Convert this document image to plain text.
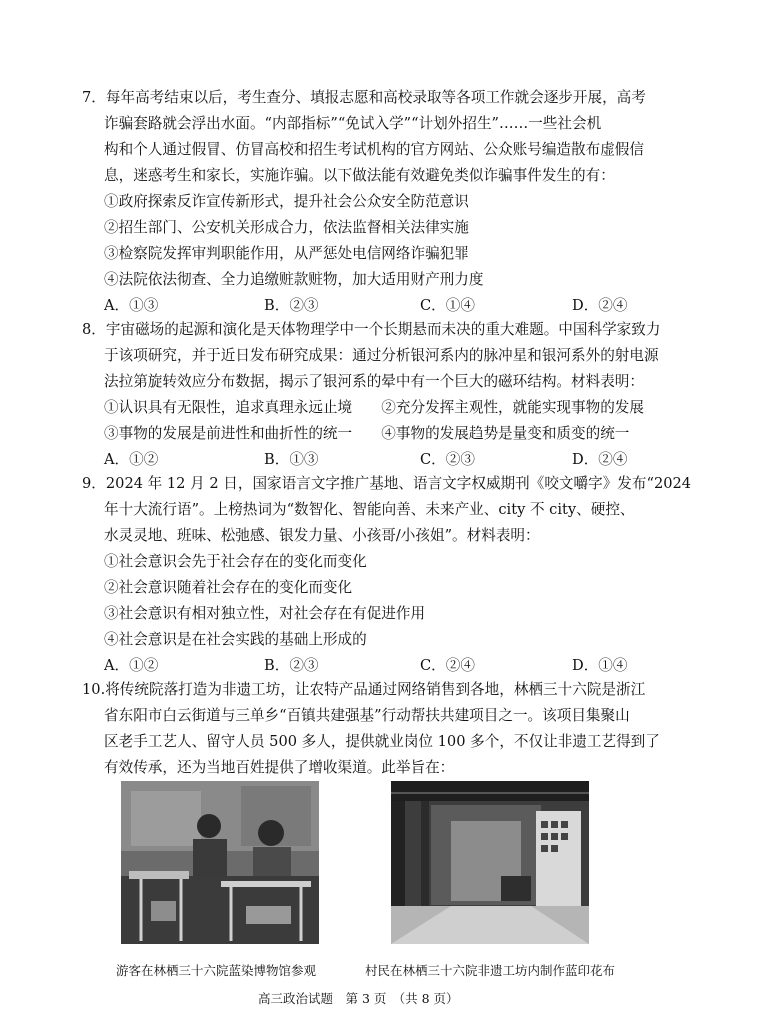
7．每年高考结束以后，考生查分、填报志愿和高校录取等各项工作就会逐步开展，高考
诈骗套路就会浮出水面。“内部指标”“免试入学”“计划外招生”……一些社会机
构和个人通过假冒、仿冒高校和招生考试机构的官方网站、公众账号编造散布虚假信
息，迷惑考生和家长，实施诈骗。以下做法能有效避免类似诈骗事件发生的有：
①政府探索反诈宣传新形式，提升社会公众安全防范意识
②招生部门、公安机关形成合力，依法监督相关法律实施
③检察院发挥审判职能作用，从严惩处电信网络诈骗犯罪
④法院依法彻查、全力追缴赃款赃物，加大适用财产刑力度
A．①③	B．②③	C．①④	D．②④
8．宇宙磁场的起源和演化是天体物理学中一个长期悬而未决的重大难题。中国科学家致力
于该项研究，并于近日发布研究成果：通过分析银河系内的脉冲星和银河系外的射电源
法拉第旋转效应分布数据，揭示了银河系的晕中有一个巨大的磁环结构。材料表明：
①认识具有无限性，追求真理永远止境　　②充分发挥主观性，就能实现事物的发展
③事物的发展是前进性和曲折性的统一　　④事物的发展趋势是量变和质变的统一
A．①②	B．①③	C．②③	D．②④
9．2024 年 12 月 2 日，国家语言文字推广基地、语言文字权威期刊《咬文嚼字》发布“2024
年十大流行语”。上榜热词为“数智化、智能向善、未来产业、city 不 city、硬控、
水灵灵地、班味、松弛感、银发力量、小孩哥/小孩姐”。材料表明：
①社会意识会先于社会存在的变化而变化
②社会意识随着社会存在的变化而变化
③社会意识有相对独立性，对社会存在有促进作用
④社会意识是在社会实践的基础上形成的
A．①②	B．②③	C．②④	D．①④
10.将传统院落打造为非遗工坊，让农特产品通过网络销售到各地，林栖三十六院是浙江
省东阳市白云街道与三单乡“百镇共建强基”行动帮扶共建项目之一。该项目集聚山
区老手工艺人、留守人员 500 多人，提供就业岗位 100 多个，不仅让非遗工艺得到了
有效传承，还为当地百姓提供了增收渠道。此举旨在：
游客在林栖三十六院蓝染博物馆参观	村民在林栖三十六院非遗工坊内制作蓝印花布
高三政治试题　第 3 页　（共 8 页）
